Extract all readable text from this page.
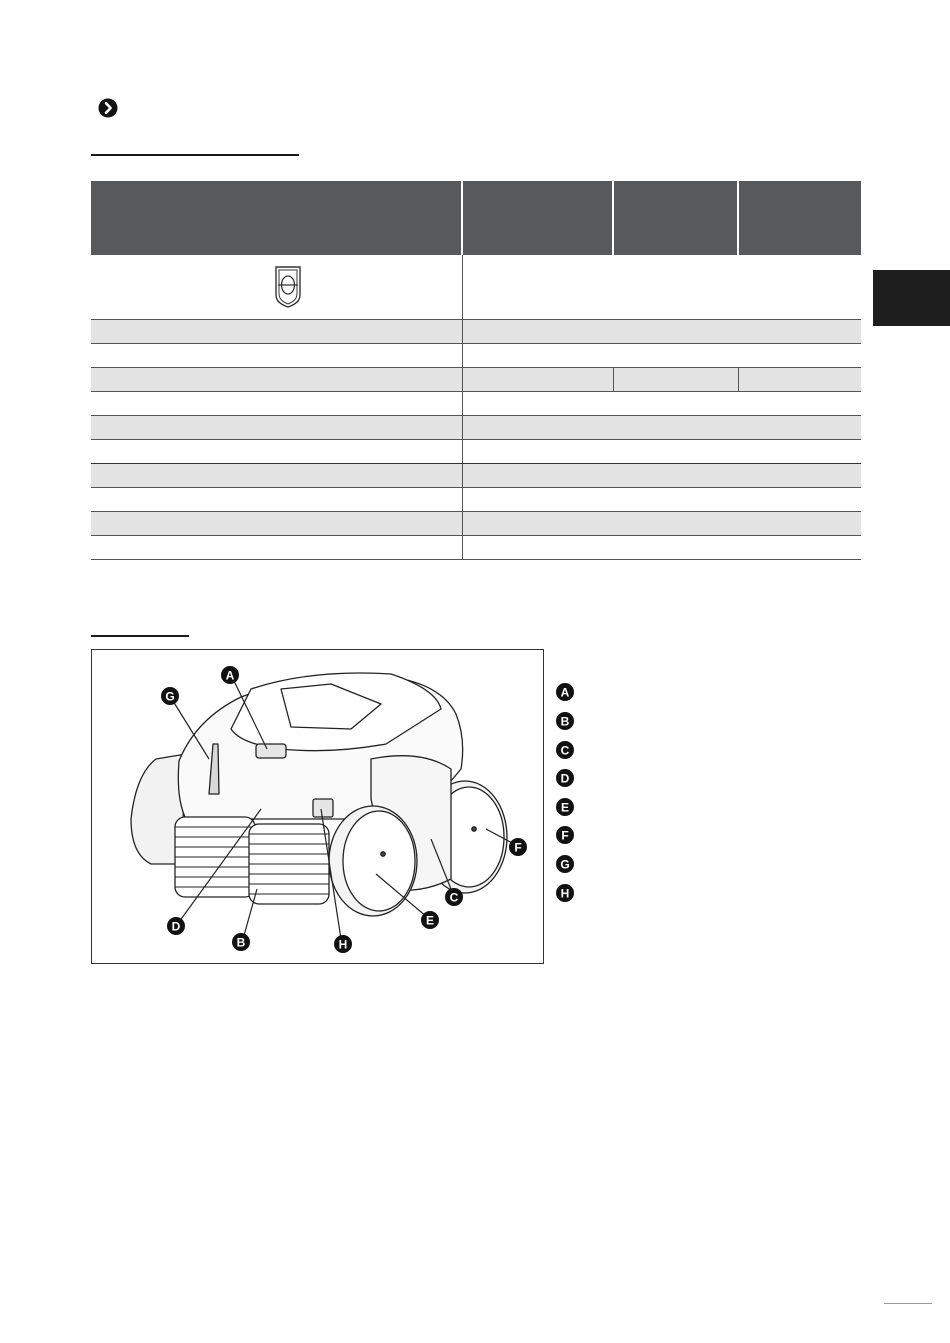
A
G
D
B	H
E
C
F
A
B
C
D
E
F
G
H
